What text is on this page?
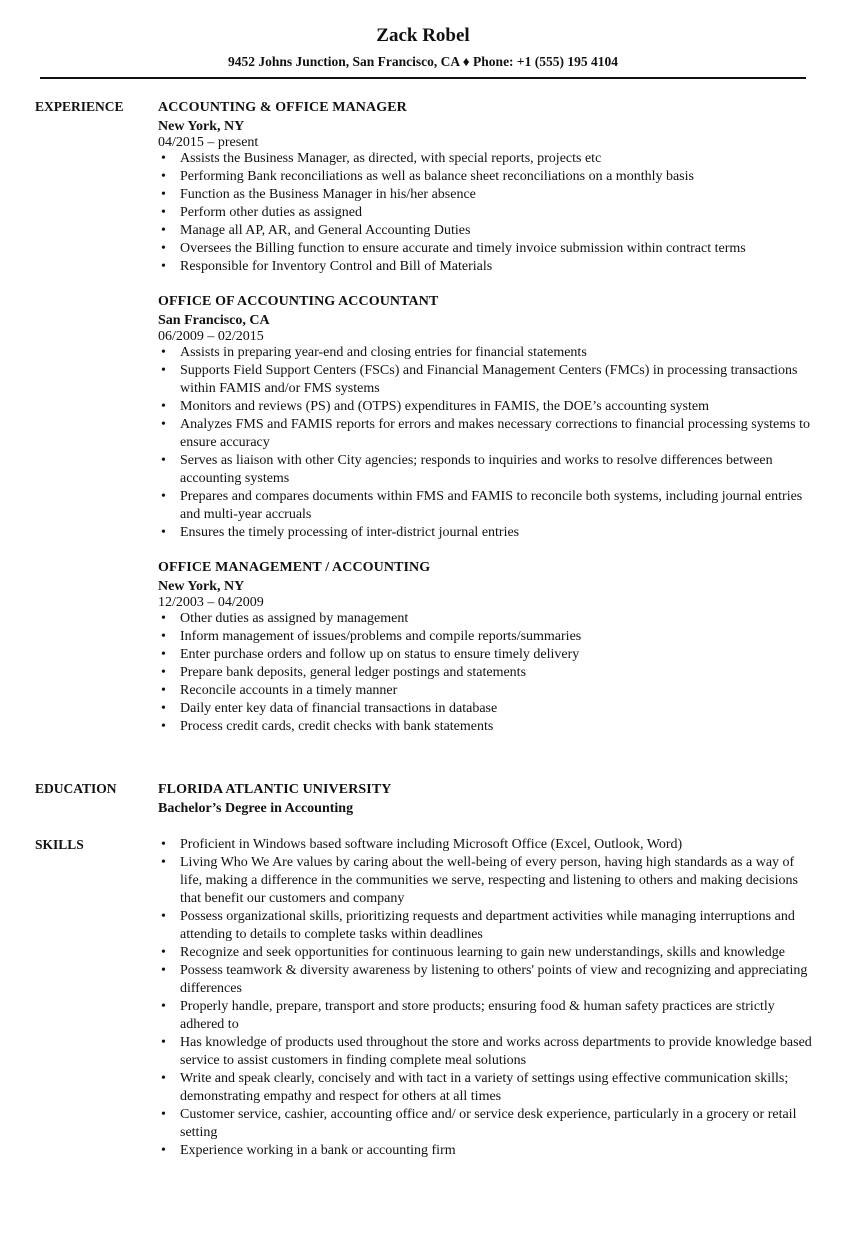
Zack Robel
9452 Johns Junction, San Francisco, CA ♦ Phone: +1 (555) 195 4104
EXPERIENCE ACCOUNTING & OFFICE MANAGER
New York, NY
04/2015 – present
• Assists the Business Manager, as directed, with special reports, projects etc
• Performing Bank reconciliations as well as balance sheet reconciliations on a monthly basis
• Function as the Business Manager in his/her absence
• Perform other duties as assigned
• Manage all AP, AR, and General Accounting Duties
• Oversees the Billing function to ensure accurate and timely invoice submission within contract terms
• Responsible for Inventory Control and Bill of Materials
OFFICE OF ACCOUNTING ACCOUNTANT
San Francisco, CA
06/2009 – 02/2015
• Assists in preparing year-end and closing entries for financial statements
• Supports Field Support Centers (FSCs) and Financial Management Centers (FMCs) in processing transactions within FAMIS and/or FMS systems
• Monitors and reviews (PS) and (OTPS) expenditures in FAMIS, the DOE’s accounting system
• Analyzes FMS and FAMIS reports for errors and makes necessary corrections to financial processing systems to ensure accuracy
• Serves as liaison with other City agencies; responds to inquiries and works to resolve differences between accounting systems
• Prepares and compares documents within FMS and FAMIS to reconcile both systems, including journal entries and multi-year accruals
• Ensures the timely processing of inter-district journal entries
OFFICE MANAGEMENT / ACCOUNTING
New York, NY
12/2003 – 04/2009
• Other duties as assigned by management
• Inform management of issues/problems and compile reports/summaries
• Enter purchase orders and follow up on status to ensure timely delivery
• Prepare bank deposits, general ledger postings and statements
• Reconcile accounts in a timely manner
• Daily enter key data of financial transactions in database
• Process credit cards, credit checks with bank statements
EDUCATION	FLORIDA ATLANTIC UNIVERSITY
Bachelor’s Degree in Accounting
SKILLS
•	Proficient in Windows based software including Microsoft Office (Excel, Outlook, Word)
• Living Who We Are values by caring about the well-being of every person, having high standards as a way of life, making a difference in the communities we serve, respecting and listening to others and making decisions that benefit our customers and company
• Possess organizational skills, prioritizing requests and department activities while managing interruptions and attending to details to complete tasks within deadlines
• Recognize and seek opportunities for continuous learning to gain new understandings, skills and knowledge
• Possess teamwork & diversity awareness by listening to others' points of view and recognizing and appreciating differences
• Properly handle, prepare, transport and store products; ensuring food & human safety practices are strictly adhered to
• Has knowledge of products used throughout the store and works across departments to provide knowledge based service to assist customers in finding complete meal solutions
• Write and speak clearly, concisely and with tact in a variety of settings using effective communication skills; demonstrating empathy and respect for others at all times
• Customer service, cashier, accounting office and/ or service desk experience, particularly in a grocery or retail setting
• Experience working in a bank or accounting firm
